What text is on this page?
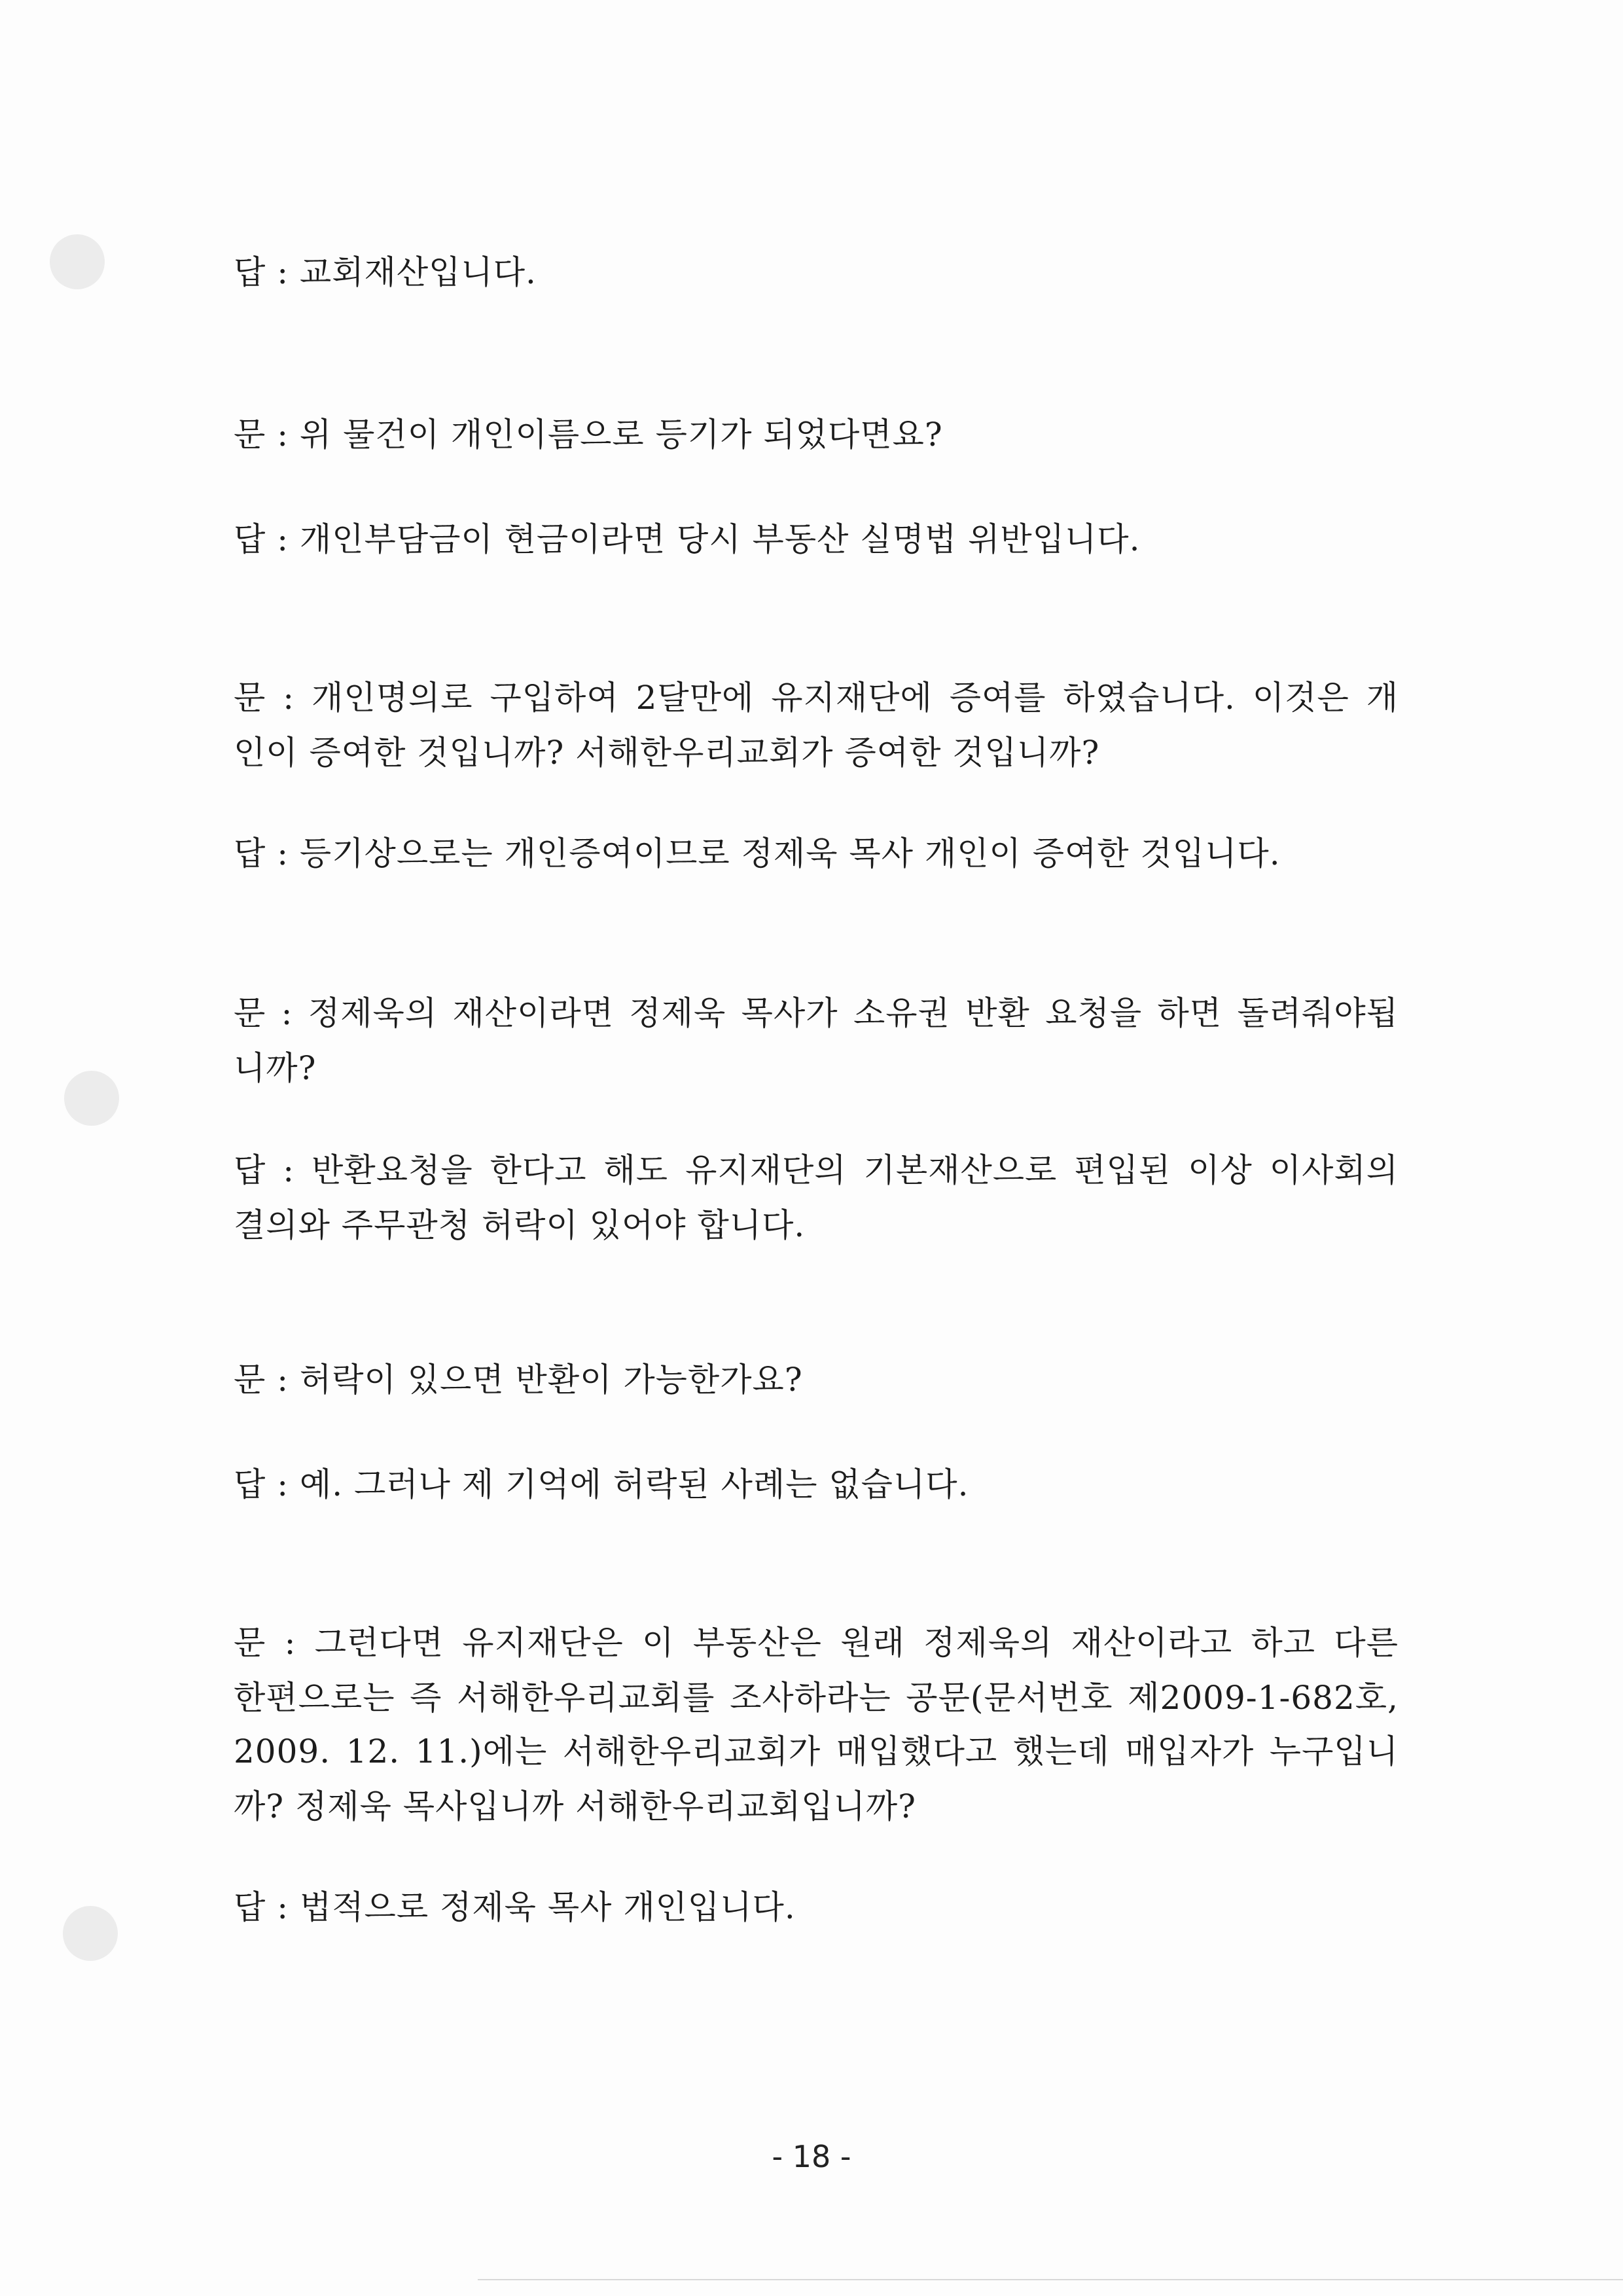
답 : 교회재산입니다.
문 : 위 물건이 개인이름으로 등기가 되었다면요?
답 : 개인부담금이 현금이라면 당시 부동산 실명법 위반입니다.
문 : 개인명의로 구입하여 2달만에 유지재단에 증여를 하였습니다. 이것은 개
인이 증여한 것입니까? 서해한우리교회가 증여한 것입니까?
답 : 등기상으로는 개인증여이므로 정제욱 목사 개인이 증여한 것입니다.
문 : 정제욱의 재산이라면 정제욱 목사가 소유권 반환 요청을 하면 돌려줘야됩
니까?
답 : 반환요청을 한다고 해도 유지재단의 기본재산으로 편입된 이상 이사회의
결의와 주무관청 허락이 있어야 합니다.
문 : 허락이 있으면 반환이 가능한가요?
답 : 예. 그러나 제 기억에 허락된 사례는 없습니다.
문 : 그런다면 유지재단은 이 부동산은 원래 정제욱의 재산이라고 하고 다른
한편으로는 즉 서해한우리교회를 조사하라는 공문(문서번호 제2009-1-682호,
2009. 12. 11.)에는 서해한우리교회가 매입했다고 했는데 매입자가 누구입니
까? 정제욱 목사입니까 서해한우리교회입니까?
답 : 법적으로 정제욱 목사 개인입니다.
- 18 -
